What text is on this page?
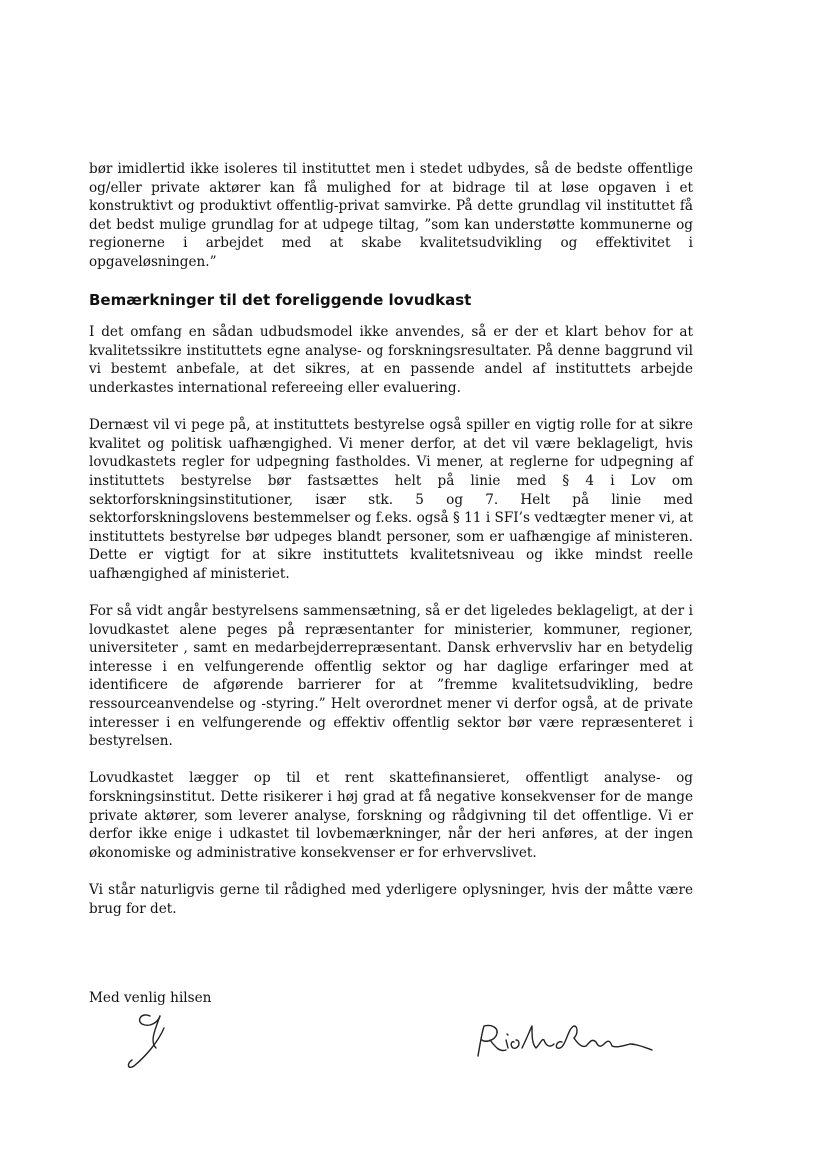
bør imidlertid ikke isoleres til instituttet men i stedet udbydes, så de bedste offentlige og/eller private aktører kan få mulighed for at bidrage til at løse opgaven i et konstruktivt og produktivt offentlig-privat samvirke. På dette grundlag vil instituttet få det bedst mulige grundlag for at udpege tiltag, ”som kan understøtte kommunerne og regionerne i arbejdet med at skabe kvalitetsudvikling og effektivitet i opgaveløsningen.”

Bemærkninger til det foreliggende lovudkast

I det omfang en sådan udbudsmodel ikke anvendes, så er der et klart behov for at kvalitetssikre instituttets egne analyse- og forskningsresultater. På denne baggrund vil vi bestemt anbefale, at det sikres, at en passende andel af instituttets arbejde underkastes international refereeing eller evaluering.

Dernæst vil vi pege på, at instituttets bestyrelse også spiller en vigtig rolle for at sikre kvalitet og politisk uafhængighed. Vi mener derfor, at det vil være beklageligt, hvis lovudkastets regler for udpegning fastholdes. Vi mener, at reglerne for udpegning af instituttets bestyrelse bør fastsættes helt på linie med § 4 i Lov om sektorforskningsinstitutioner, især stk. 5 og 7. Helt på linie med sektorforskningslovens bestemmelser og f.eks. også § 11 i SFI’s vedtægter mener vi, at instituttets bestyrelse bør udpeges blandt personer, som er uafhængige af ministeren. Dette er vigtigt for at sikre instituttets kvalitetsniveau og ikke mindst reelle uafhængighed af ministeriet.

For så vidt angår bestyrelsens sammensætning, så er det ligeledes beklageligt, at der i lovudkastet alene peges på repræsentanter for ministerier, kommuner, regioner, universiteter , samt en medarbejderrepræsentant. Dansk erhvervsliv har en betydelig interesse i en velfungerende offentlig sektor og har daglige erfaringer med at identificere de afgørende barrierer for at ”fremme kvalitetsudvikling, bedre ressourceanvendelse og -styring.” Helt overordnet mener vi derfor også, at de private interesser i en velfungerende og effektiv offentlig sektor bør være repræsenteret i bestyrelsen.

Lovudkastet lægger op til et rent skattefinansieret, offentligt analyse- og forskningsinstitut. Dette risikerer i høj grad at få negative konsekvenser for de mange private aktører, som leverer analyse, forskning og rådgivning til det offentlige. Vi er derfor ikke enige i udkastet til lovbemærkninger, når der heri anføres, at der ingen økonomiske og administrative konsekvenser er for erhvervslivet.

Vi står naturligvis gerne til rådighed med yderligere oplysninger, hvis der måtte være brug for det.

Med venlig hilsen
